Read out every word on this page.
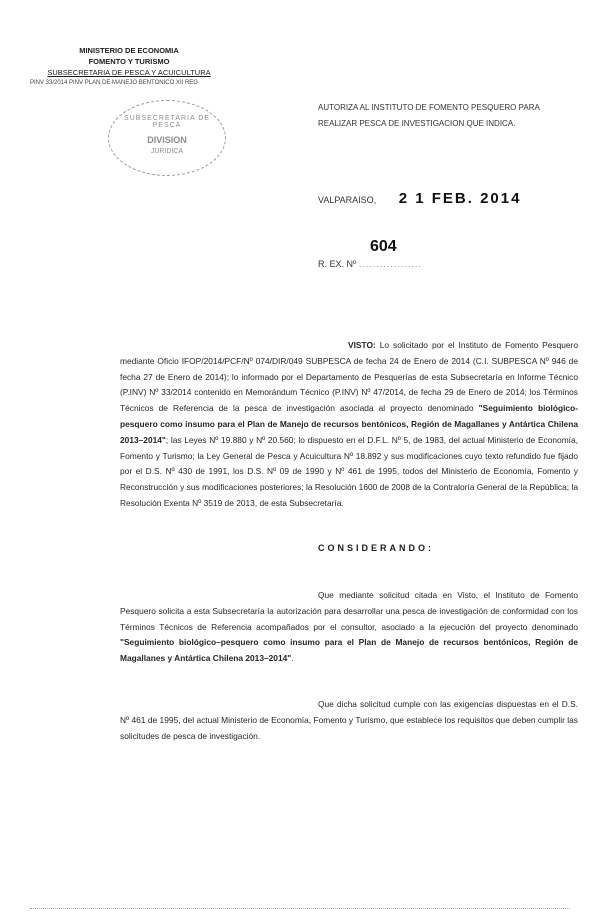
MINISTERIO DE ECONOMIA
FOMENTO Y TURISMO
SUBSECRETARIA DE PESCA Y ACUICULTURA
PINV 33/2014 PINV PLAN DE MANEJO BENTONICO XII REG
SUBSECRETARIA DE PESCA
DIVISION
JURIDICA
AUTORIZA AL INSTITUTO DE FOMENTO PESQUERO PARA REALIZAR PESCA DE INVESTIGACION QUE INDICA.
VALPARAISO, 2 1 FEB. 2014
604
R. EX. Nº ..................
VISTO: Lo solicitado por el Instituto de Fomento Pesquero mediante Oficio IFOP/2014/PCF/Nº 074/DIR/049 SUBPESCA de fecha 24 de Enero de 2014 (C.I. SUBPESCA Nº 946 de fecha 27 de Enero de 2014); lo informado por el Departamento de Pesquerías de esta Subsecretaría en Informe Técnico (P.INV) Nº 33/2014 contenido en Memorándum Técnico (P.INV) Nº 47/2014, de fecha 29 de Enero de 2014; los Términos Técnicos de Referencia de la pesca de investigación asociada al proyecto denominado "Seguimiento biológico-pesquero como insumo para el Plan de Manejo de recursos bentónicos, Región de Magallanes y Antártica Chilena 2013–2014"; las Leyes Nº 19.880 y Nº 20.560; lo dispuesto en el D.F.L. Nº 5, de 1983, del actual Ministerio de Economía, Fomento y Turismo; la Ley General de Pesca y Acuicultura Nº 18.892 y sus modificaciones cuyo texto refundido fue fijado por el D.S. Nº 430 de 1991, los D.S. Nº 09 de 1990 y Nº 461 de 1995, todos del Ministerio de Economía, Fomento y Reconstrucción y sus modificaciones posteriores; la Resolución 1600 de 2008 de la Contraloría General de la República; la Resolución Exenta Nº 3519 de 2013, de esta Subsecretaría.
CONSIDERANDO:
Que mediante solicitud citada en Visto, el Instituto de Fomento Pesquero solicita a esta Subsecretaría la autorización para desarrollar una pesca de investigación de conformidad con los Términos Técnicos de Referencia acompañados por el consultor, asociado a la ejecución del proyecto denominado "Seguimiento biológico–pesquero como insumo para el Plan de Manejo de recursos bentónicos, Región de Magallanes y Antártica Chilena 2013–2014".
Que dicha solicitud cumple con las exigencias dispuestas en el D.S. Nº 461 de 1995, del actual Ministerio de Economía, Fomento y Turismo, que establece los requisitos que deben cumplir las solicitudes de pesca de investigación.
